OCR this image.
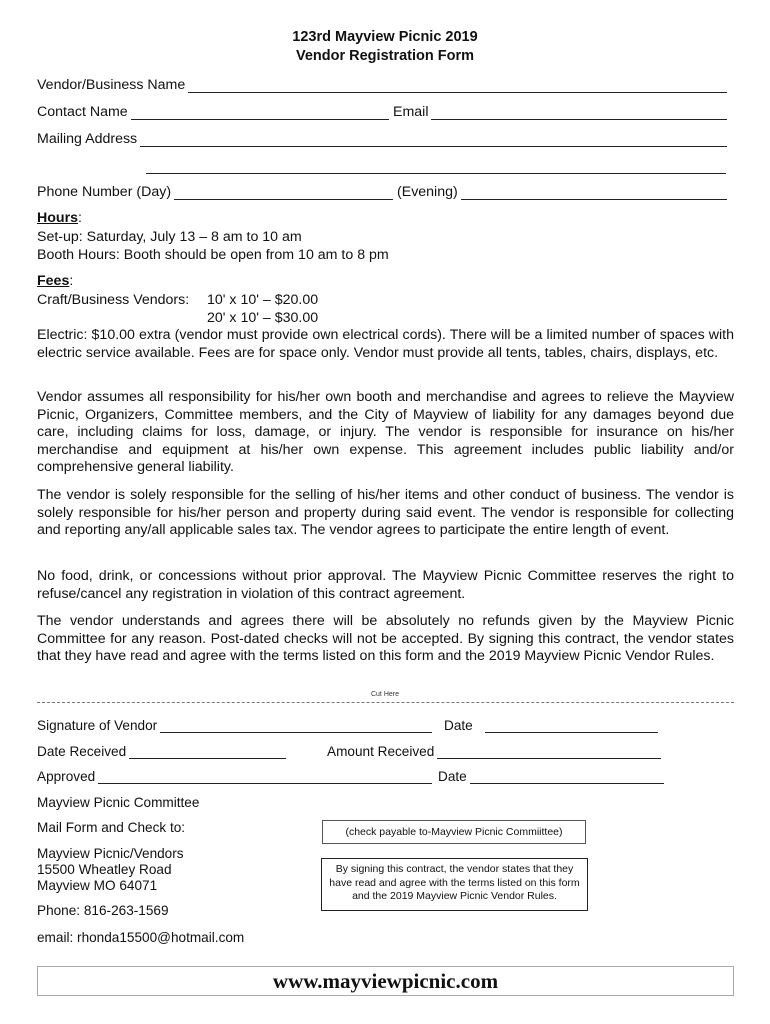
123rd Mayview Picnic 2019
Vendor Registration Form
Vendor/Business Name
Contact Name	Email
Mailing Address
Phone Number (Day)	(Evening)
Hours:
Set-up: Saturday, July 13 – 8 am to 10 am
Booth Hours: Booth should be open from 10 am to 8 pm
Fees:
Craft/Business Vendors: 10' x 10' – $20.00
20' x 10' – $30.00

Electric: $10.00 extra (vendor must provide own electrical cords). There will be a limited number of spaces with electric service available. Fees are for space only. Vendor must provide all tents, tables, chairs, displays, etc.

Vendor assumes all responsibility for his/her own booth and merchandise and agrees to relieve the Mayview Picnic, Organizers, Committee members, and the City of Mayview of liability for any damages beyond due care, including claims for loss, damage, or injury. The vendor is responsible for insurance on his/her merchandise and equipment at his/her own expense. This agreement includes public liability and/or comprehensive general liability.

The vendor is solely responsible for the selling of his/her items and other conduct of business. The vendor is solely responsible for his/her person and property during said event. The vendor is responsible for collecting and reporting any/all applicable sales tax. The vendor agrees to participate the entire length of event.

No food, drink, or concessions without prior approval. The Mayview Picnic Committee reserves the right to refuse/cancel any registration in violation of this contract agreement.

The vendor understands and agrees there will be absolutely no refunds given by the Mayview Picnic Committee for any reason. Post-dated checks will not be accepted. By signing this contract, the vendor states that they have read and agree with the terms listed on this form and the 2019 Mayview Picnic Vendor Rules.

Cut Here
Signature of Vendor	Date
Date Received	Amount Received
Approved	Date
Mayview Picnic Committee
Mail Form and Check to:
Mayview Picnic/Vendors
15500 Wheatley Road
Mayview MO 64071
Phone: 816-263-1569
email: rhonda15500@hotmail.com
(check payable to-Mayview Picnic Commiittee)
By signing this contract, the vendor states that they have read and agree with the terms listed on this form and the 2019 Mayview Picnic Vendor Rules.
www.mayviewpicnic.com
